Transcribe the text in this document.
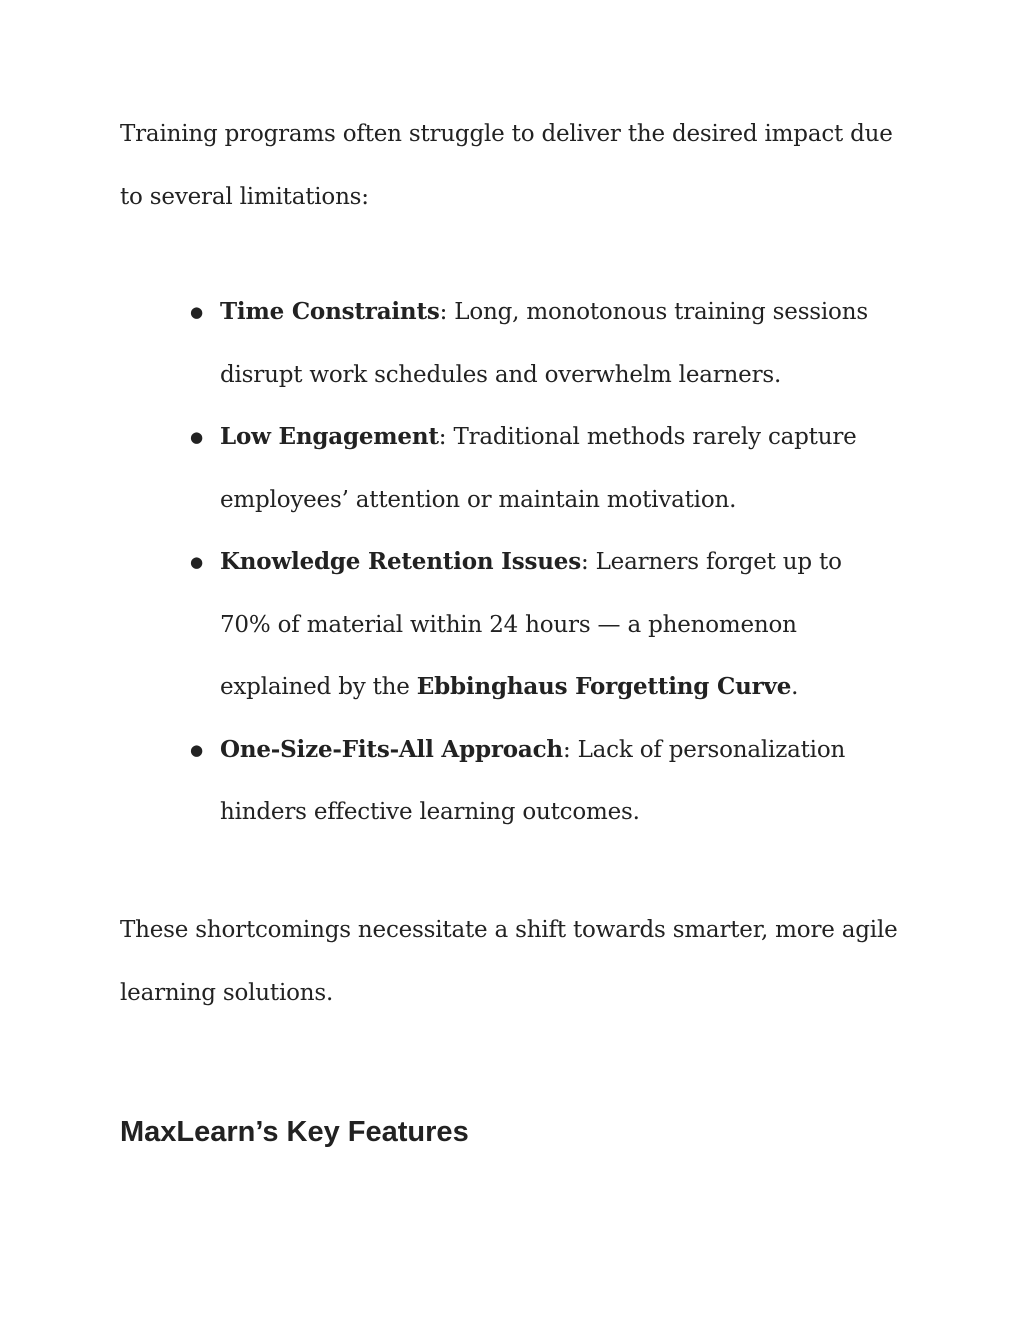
Training programs often struggle to deliver the desired impact due to several limitations:

● Time Constraints: Long, monotonous training sessions disrupt work schedules and overwhelm learners.
● Low Engagement: Traditional methods rarely capture employees’ attention or maintain motivation.
● Knowledge Retention Issues: Learners forget up to 70% of material within 24 hours — a phenomenon explained by the Ebbinghaus Forgetting Curve.
● One-Size-Fits-All Approach: Lack of personalization hinders effective learning outcomes.

These shortcomings necessitate a shift towards smarter, more agile learning solutions.

MaxLearn’s Key Features
